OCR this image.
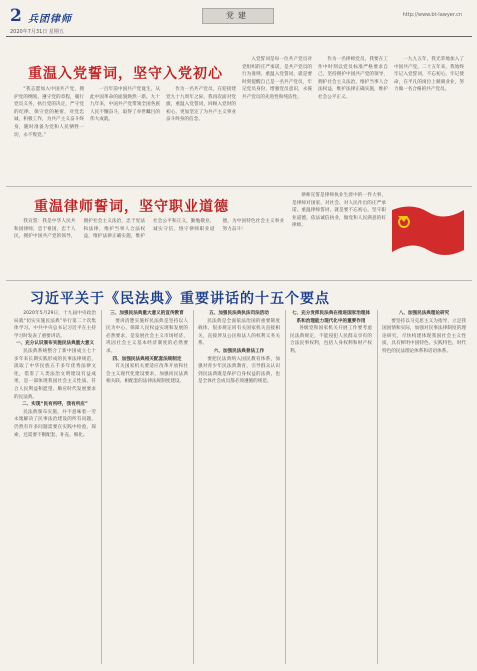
2 兵团律师
2020年7月31日 星期五
党建	http://www.bt-lawyer.cn
重温入党誓词，坚守入党初心

“我志愿加入中国共产党，拥护党的纲领，遵守党的章程，履行党员义务，执行党的决定，严守党的纪律，保守党的秘密，对党忠诚，积极工作，为共产主义奋斗终身，随时准备为党和人民牺牲一切，永不叛党。”

一百年前中国共产党诞生，从此中国革命的面貌焕然一新。九十九年来，中国共产党带领全国各族人民不懈奋斗，取得了举世瞩目的伟大成就。

作为一名共产党员，在迎接建党九十九周年之际，我再次面对党旗，重温入党誓词，回顾入党时的初心，更加坚定了为共产主义事业奋斗终身的信念。

入党誓词是每一位共产党员对党组织的庄严承诺，是共产党员的行为准则。重温入党誓词，就是要时刻提醒自己是一名共产党员，牢记党员身份，增强党员意识，永葆共产党员的先进性和纯洁性。

作为一名律师党员，我要在工作中时刻以党员标准严格要求自己，坚持拥护中国共产党的领导，拥护社会主义法治，维护当事人合法权益，维护法律正确实施，维护社会公平正义。

一九九五年，我光荣地加入了中国共产党。二十五年来，我始终牢记入党誓词，不忘初心，牢记使命，在平凡的岗位上兢兢业业，努力做一名合格的共产党员。

重温律师誓词，坚守职业道德

我宣誓：我是中华人民共和国律师，忠于祖国，忠于人民，拥护中国共产党的领导，拥护社会主义法治，忠于宪法和法律，维护当事人合法权益，维护法律正确实施，维护社会公平和正义，勤勉敬业，诚实守信，恪守律师职业道德，为中国特色社会主义事业努力奋斗！

律师宣誓是律师执业生涯中的一件大事，是律师对国家、对社会、对人民作出的庄严承诺。重温律师誓词，就是要不忘初心，坚守职业道德，依法诚信执业，做党和人民满意的好律师。

习近平关于《民法典》重要讲话的十五个要点

2020年5月29日，十九届中央政治局就“切实实施民法典”举行第二十次集体学习。中共中央总书记习近平在主持学习时发表了重要讲话。

一、充分认识颁布实施民法典重大意义

民法典系统整合了新中国成立七十多年来长期实践形成的民事法律规范，汲取了中华民族五千多年优秀法律文化，借鉴了人类法治文明建设有益成果，是一部体现我国社会主义性质、符合人民利益和愿望、顺应时代发展要求的民法典。

二、实现“民有所呼，我有所应”

民法典颁布实施，并不意味着一劳永逸解决了民事法治建设的所有问题，仍然有许多问题需要在实践中检验、探索，还需要不断配套、补充、细化。

三、加强民法典重大意义的宣传教育

要讲清楚实施好民法典是坚持以人民为中心、保障人民权益实现和发展的必然要求，是发展社会主义市场经济、巩固社会主义基本经济制度的必然要求。

四、加强民法典相关配套法规制定

有关国家机关要适应改革开放和社会主义现代化建设要求，加强同民法典相关联、相配套的法律法规制度建设。

五、加强民法典执法司法活动

民法典是全面依法治国的重要制度载体，很多规定同有关国家机关直接相关，直接涉及公民和法人的权利义务关系。

六、加强民法典普法工作

要把民法典纳入国民教育体系，加强对青少年民法典教育，引导群众认识到民法典既是保护自身权益的法典，也是全体社会成员都必须遵循的规范。

七、充分发挥民法典在推进国家治理体系和治理能力现代化中的重要作用

各级党和国家机关开展工作要考虑民法典规定，不能侵犯人民群众享有的合法民事权利，包括人身权利和财产权利。

八、加强民法典理论研究

要坚持以马克思主义为指导，立足我国国情和实际，加强对民事法律制度的理论研究，尽快构建体现我国社会主义性质，具有鲜明中国特色、实践特色、时代特色的民法理论体系和话语体系。
